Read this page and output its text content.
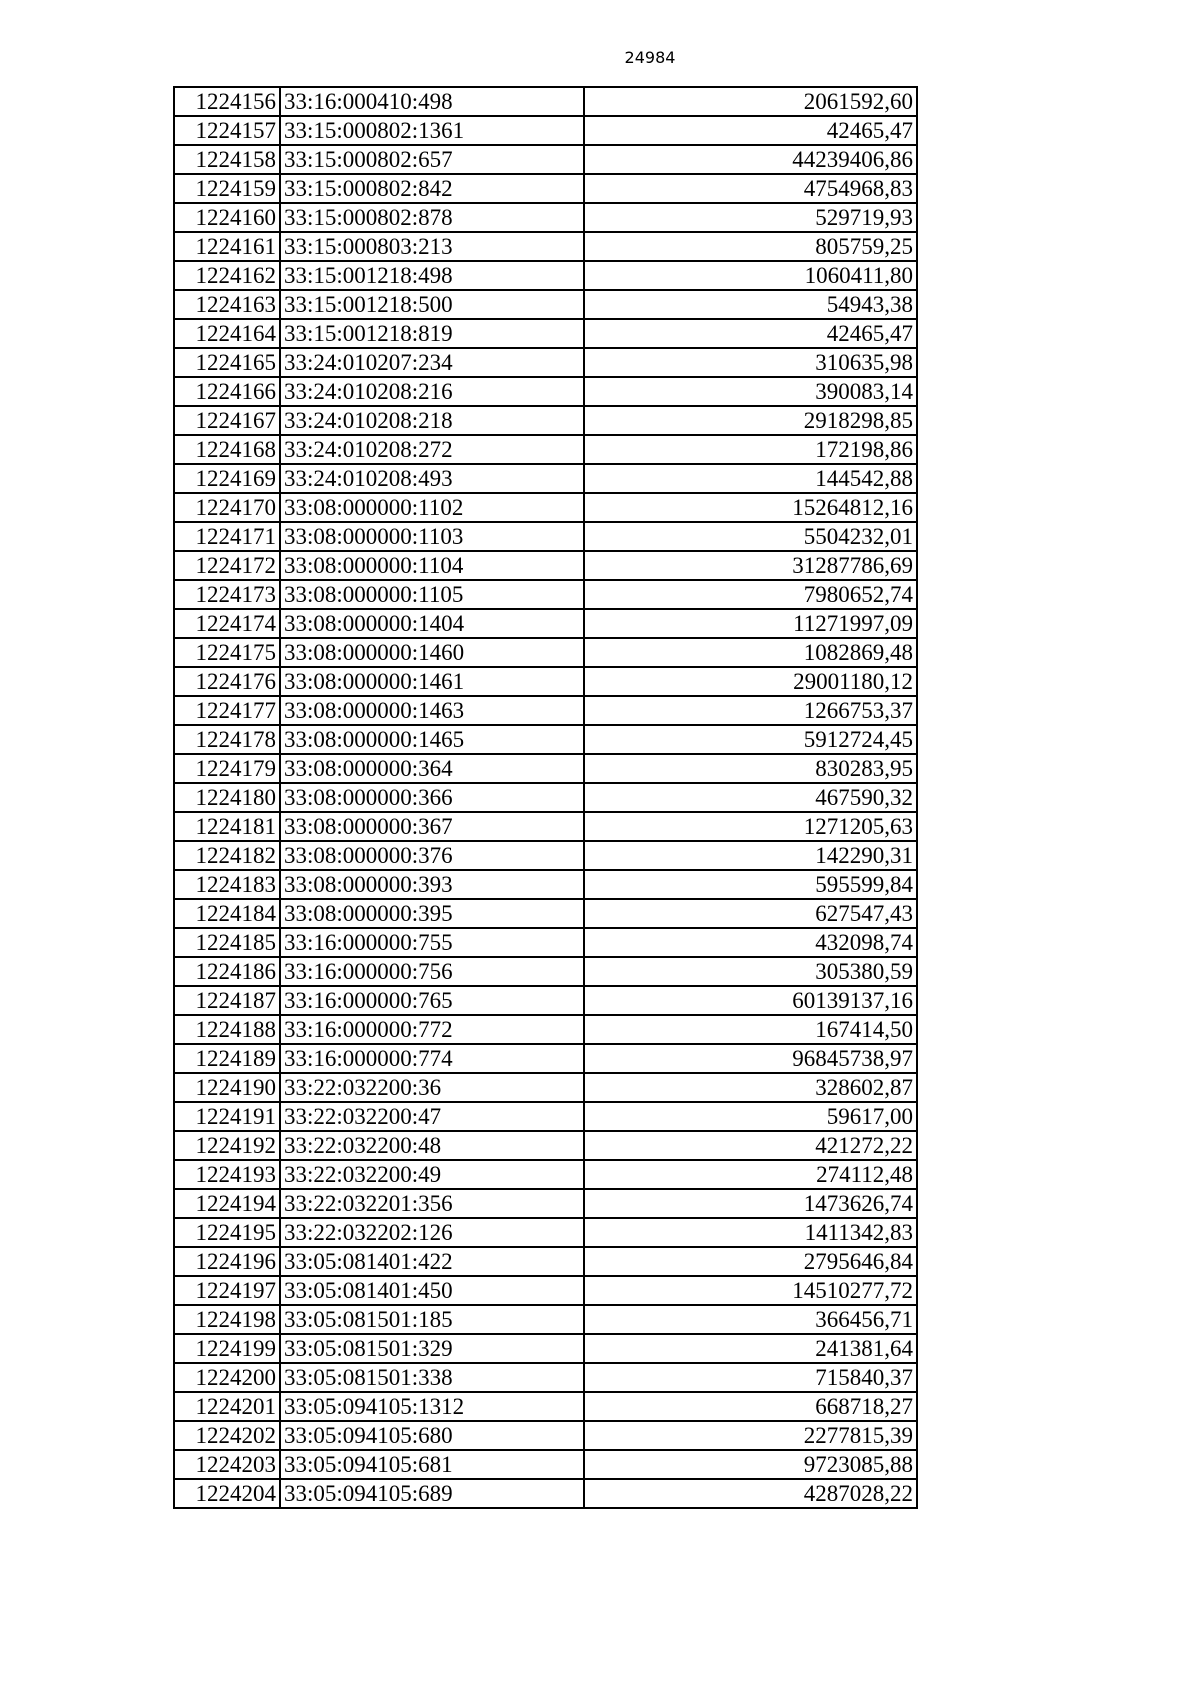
24984
1224156	33:16:000410:498	2061592,60
1224157	33:15:000802:1361	42465,47
1224158	33:15:000802:657	44239406,86
1224159	33:15:000802:842	4754968,83
1224160	33:15:000802:878	529719,93
1224161	33:15:000803:213	805759,25
1224162	33:15:001218:498	1060411,80
1224163	33:15:001218:500	54943,38
1224164	33:15:001218:819	42465,47
1224165	33:24:010207:234	310635,98
1224166	33:24:010208:216	390083,14
1224167	33:24:010208:218	2918298,85
1224168	33:24:010208:272	172198,86
1224169	33:24:010208:493	144542,88
1224170	33:08:000000:1102	15264812,16
1224171	33:08:000000:1103	5504232,01
1224172	33:08:000000:1104	31287786,69
1224173	33:08:000000:1105	7980652,74
1224174	33:08:000000:1404	11271997,09
1224175	33:08:000000:1460	1082869,48
1224176	33:08:000000:1461	29001180,12
1224177	33:08:000000:1463	1266753,37
1224178	33:08:000000:1465	5912724,45
1224179	33:08:000000:364	830283,95
1224180	33:08:000000:366	467590,32
1224181	33:08:000000:367	1271205,63
1224182	33:08:000000:376	142290,31
1224183	33:08:000000:393	595599,84
1224184	33:08:000000:395	627547,43
1224185	33:16:000000:755	432098,74
1224186	33:16:000000:756	305380,59
1224187	33:16:000000:765	60139137,16
1224188	33:16:000000:772	167414,50
1224189	33:16:000000:774	96845738,97
1224190	33:22:032200:36	328602,87
1224191	33:22:032200:47	59617,00
1224192	33:22:032200:48	421272,22
1224193	33:22:032200:49	274112,48
1224194	33:22:032201:356	1473626,74
1224195	33:22:032202:126	1411342,83
1224196	33:05:081401:422	2795646,84
1224197	33:05:081401:450	14510277,72
1224198	33:05:081501:185	366456,71
1224199	33:05:081501:329	241381,64
1224200	33:05:081501:338	715840,37
1224201	33:05:094105:1312	668718,27
1224202	33:05:094105:680	2277815,39
1224203	33:05:094105:681	9723085,88
1224204	33:05:094105:689	4287028,22
